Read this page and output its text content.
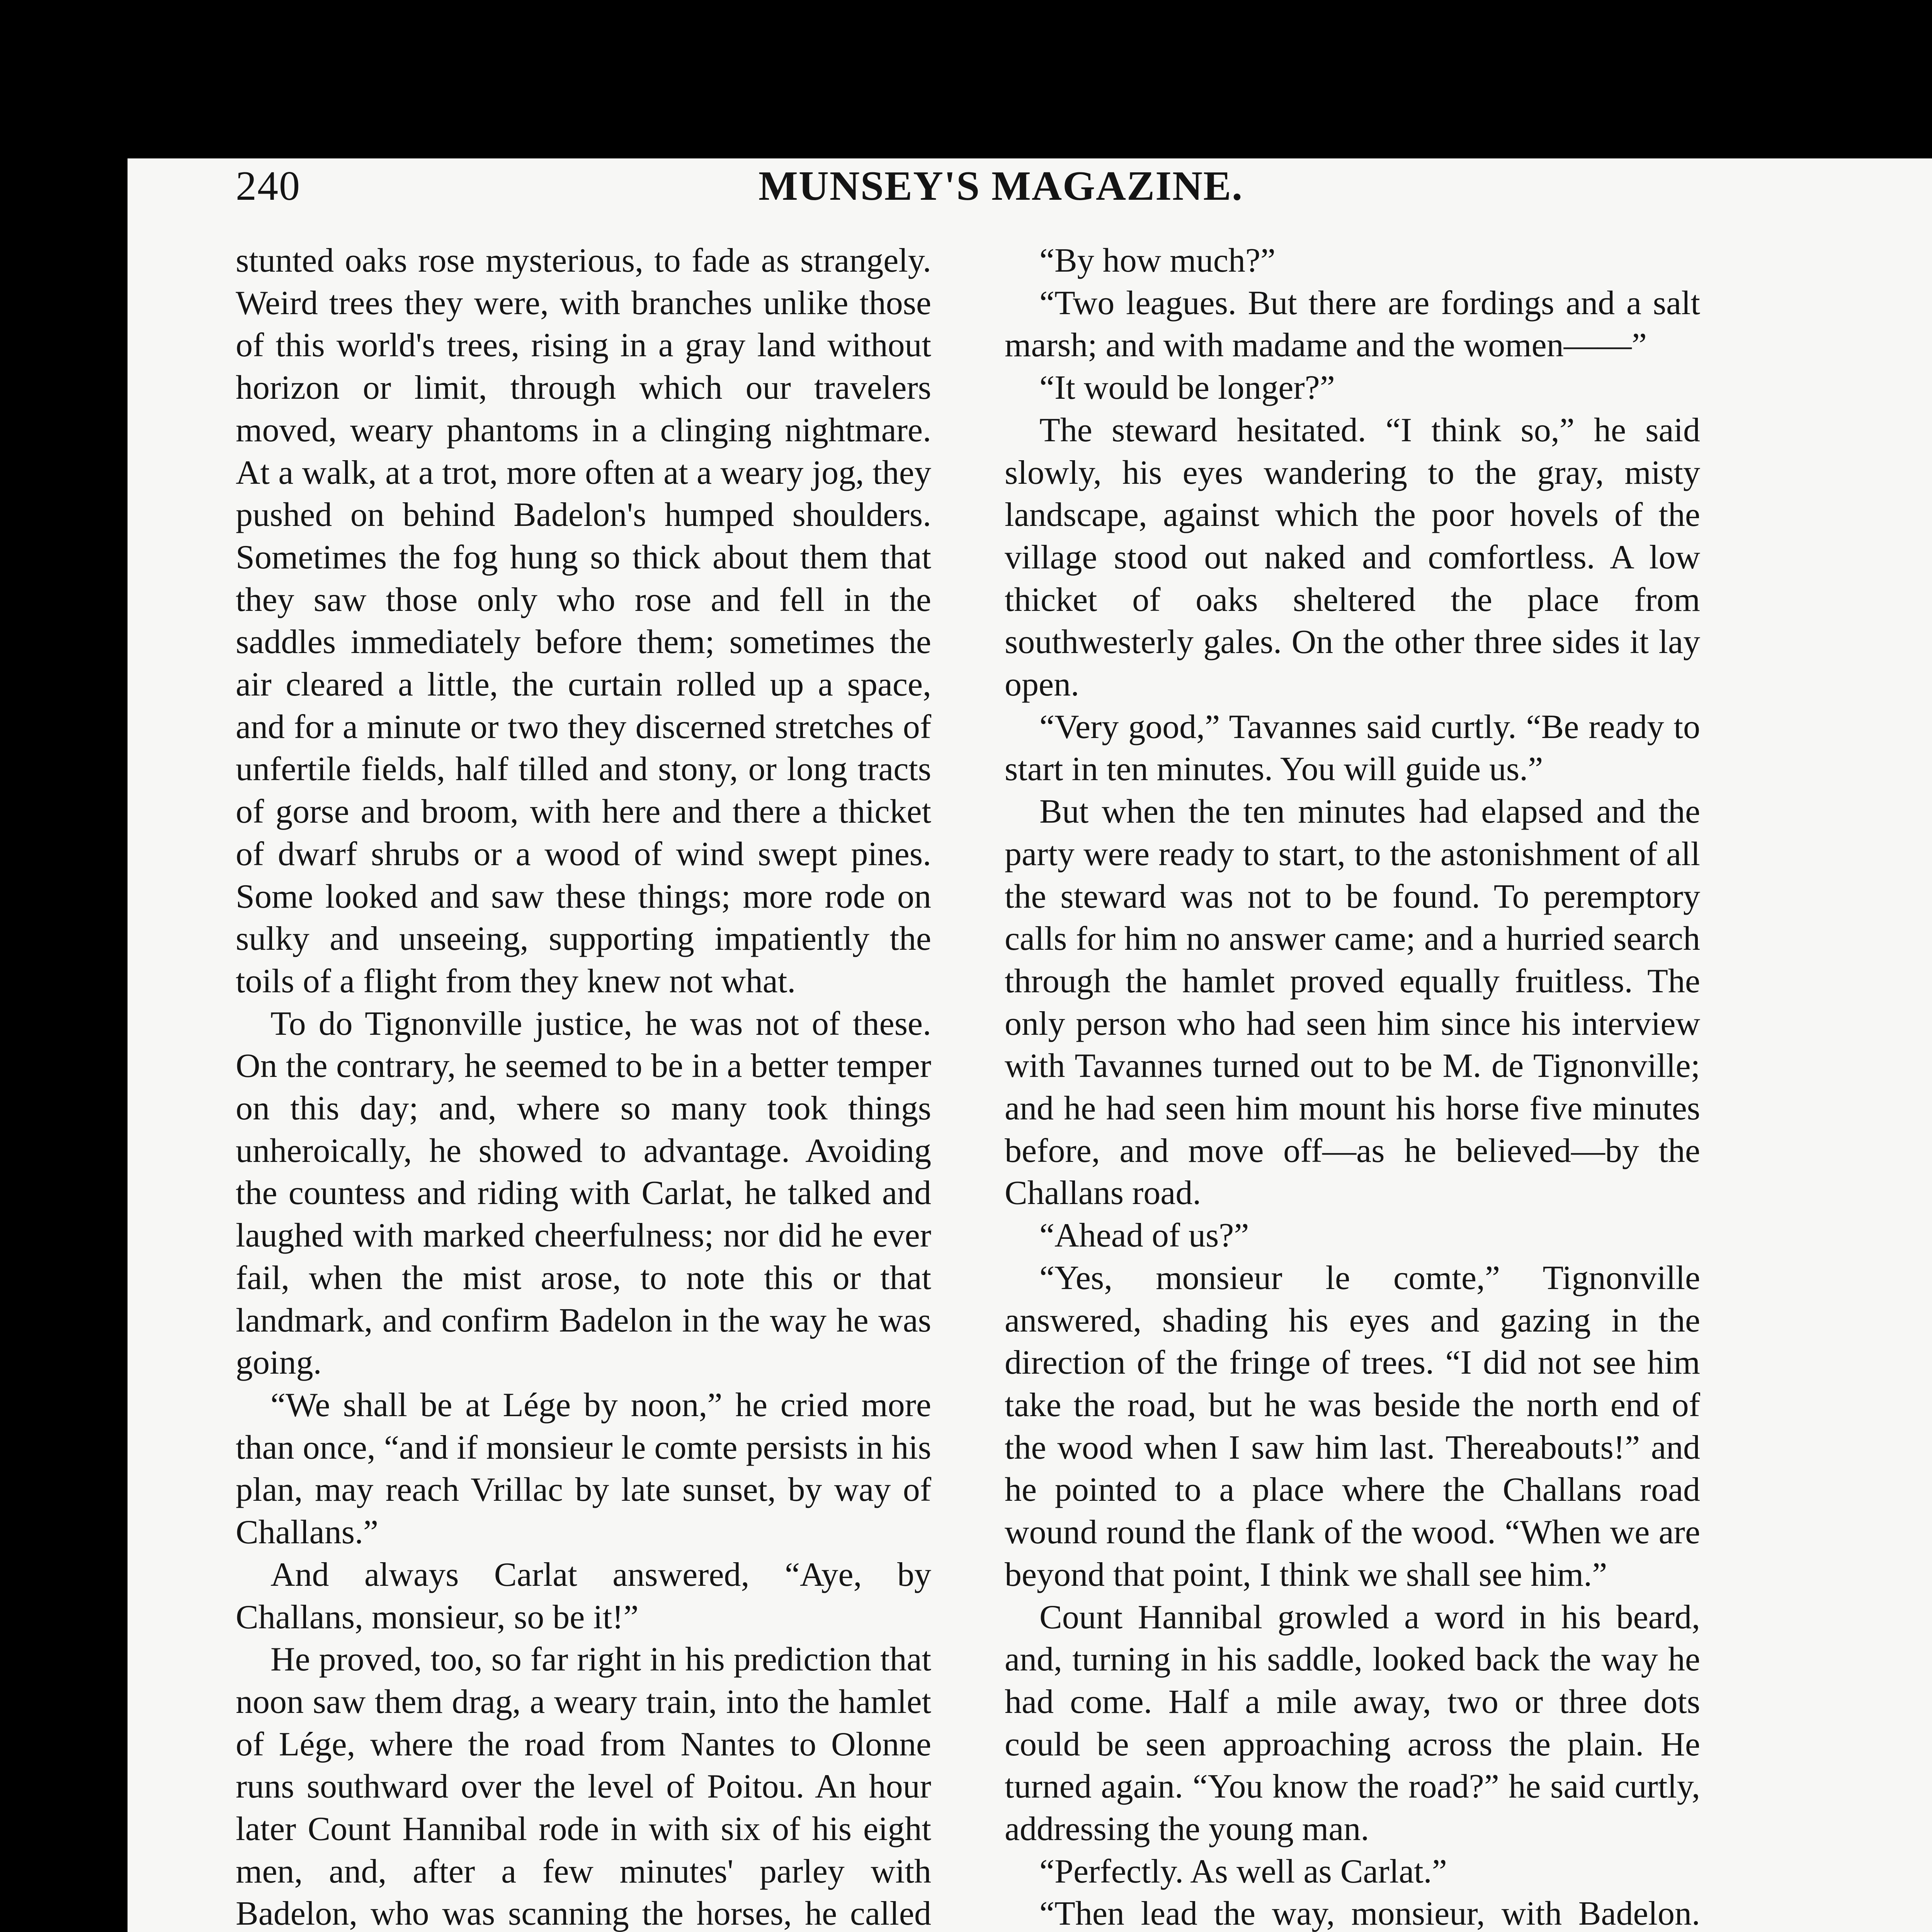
240	MUNSEY'S MAGAZINE.

stunted oaks rose mysterious, to fade as strangely. Weird trees they were, with branches unlike those of this world's trees, rising in a gray land without horizon or limit, through which our travelers moved, weary phantoms in a clinging nightmare. At a walk, at a trot, more often at a weary jog, they pushed on behind Badelon's humped shoulders. Sometimes the fog hung so thick about them that they saw those only who rose and fell in the saddles immediately before them; sometimes the air cleared a little, the curtain rolled up a space, and for a minute or two they discerned stretches of unfertile fields, half tilled and stony, or long tracts of gorse and broom, with here and there a thicket of dwarf shrubs or a wood of wind swept pines. Some looked and saw these things; more rode on sulky and unseeing, supporting impatiently the toils of a flight from they knew not what.

To do Tignonville justice, he was not of these. On the contrary, he seemed to be in a better temper on this day; and, where so many took things unheroically, he showed to advantage. Avoiding the countess and riding with Carlat, he talked and laughed with marked cheerfulness; nor did he ever fail, when the mist arose, to note this or that landmark, and confirm Badelon in the way he was going.

“We shall be at Lége by noon,” he cried more than once, “and if monsieur le comte persists in his plan, may reach Vrillac by late sunset, by way of Challans.”

And always Carlat answered, “Aye, by Challans, monsieur, so be it!”

He proved, too, so far right in his prediction that noon saw them drag, a weary train, into the hamlet of Lége, where the road from Nantes to Olonne runs southward over the level of Poitou. An hour later Count Hannibal rode in with six of his eight men, and, after a few minutes' parley with Badelon, who was scanning the horses, he called

“By how much?”

“Two leagues. But there are fordings and a salt marsh; and with madame and the women——”

“It would be longer?”

The steward hesitated. “I think so,” he said slowly, his eyes wandering to the gray, misty landscape, against which the poor hovels of the village stood out naked and comfortless. A low thicket of oaks sheltered the place from southwesterly gales. On the other three sides it lay open.

“Very good,” Tavannes said curtly. “Be ready to start in ten minutes. You will guide us.”

But when the ten minutes had elapsed and the party were ready to start, to the astonishment of all the steward was not to be found. To peremptory calls for him no answer came; and a hurried search through the hamlet proved equally fruitless. The only person who had seen him since his interview with Tavannes turned out to be M. de Tignonville; and he had seen him mount his horse five minutes before, and move off—as he believed—by the Challans road.

“Ahead of us?”

“Yes, monsieur le comte,” Tignonville answered, shading his eyes and gazing in the direction of the fringe of trees. “I did not see him take the road, but he was beside the north end of the wood when I saw him last. Thereabouts!” and he pointed to a place where the Challans road wound round the flank of the wood. “When we are beyond that point, I think we shall see him.”

Count Hannibal growled a word in his beard, and, turning in his saddle, looked back the way he had come. Half a mile away, two or three dots could be seen approaching across the plain. He turned again. “You know the road?” he said curtly, addressing the young man.

“Perfectly. As well as Carlat.”

“Then lead the way, monsieur, with Badelon.
